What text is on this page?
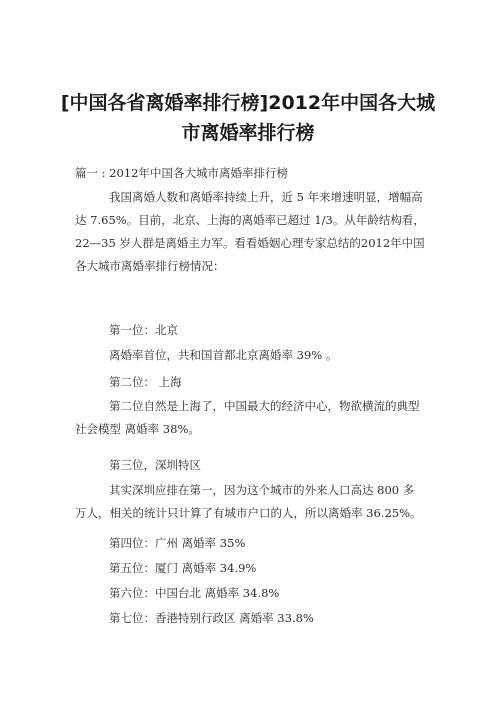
[中国各省离婚率排行榜]2012年中国各大城
市离婚率排行榜
篇一 : 2012年中国各大城市离婚率排行榜

我国离婚人数和离婚率持续上升，近 5 年来增速明显，增幅高达 7.65%。目前，北京、上海的离婚率已超过 1/3。从年龄结构看，22—35 岁人群是离婚主力军。看看婚姻心理专家总结的2012年中国各大城市离婚率排行榜情况：

第一位：北京
离婚率首位，共和国首都北京离婚率 39% 。
第二位： 上海

第二位自然是上海了，中国最大的经济中心，物欲横流的典型社会模型 离婚率 38%。

第三位，深圳特区

其实深圳应排在第一，因为这个城市的外来人口高达 800 多万人，相关的统计只计算了有城市户口的人，所以离婚率 36.25%。

第四位：广州 离婚率 35%
第五位：厦门 离婚率 34.9%
第六位：中国台北 离婚率 34.8%
第七位：香港特别行政区 离婚率 33.8%
